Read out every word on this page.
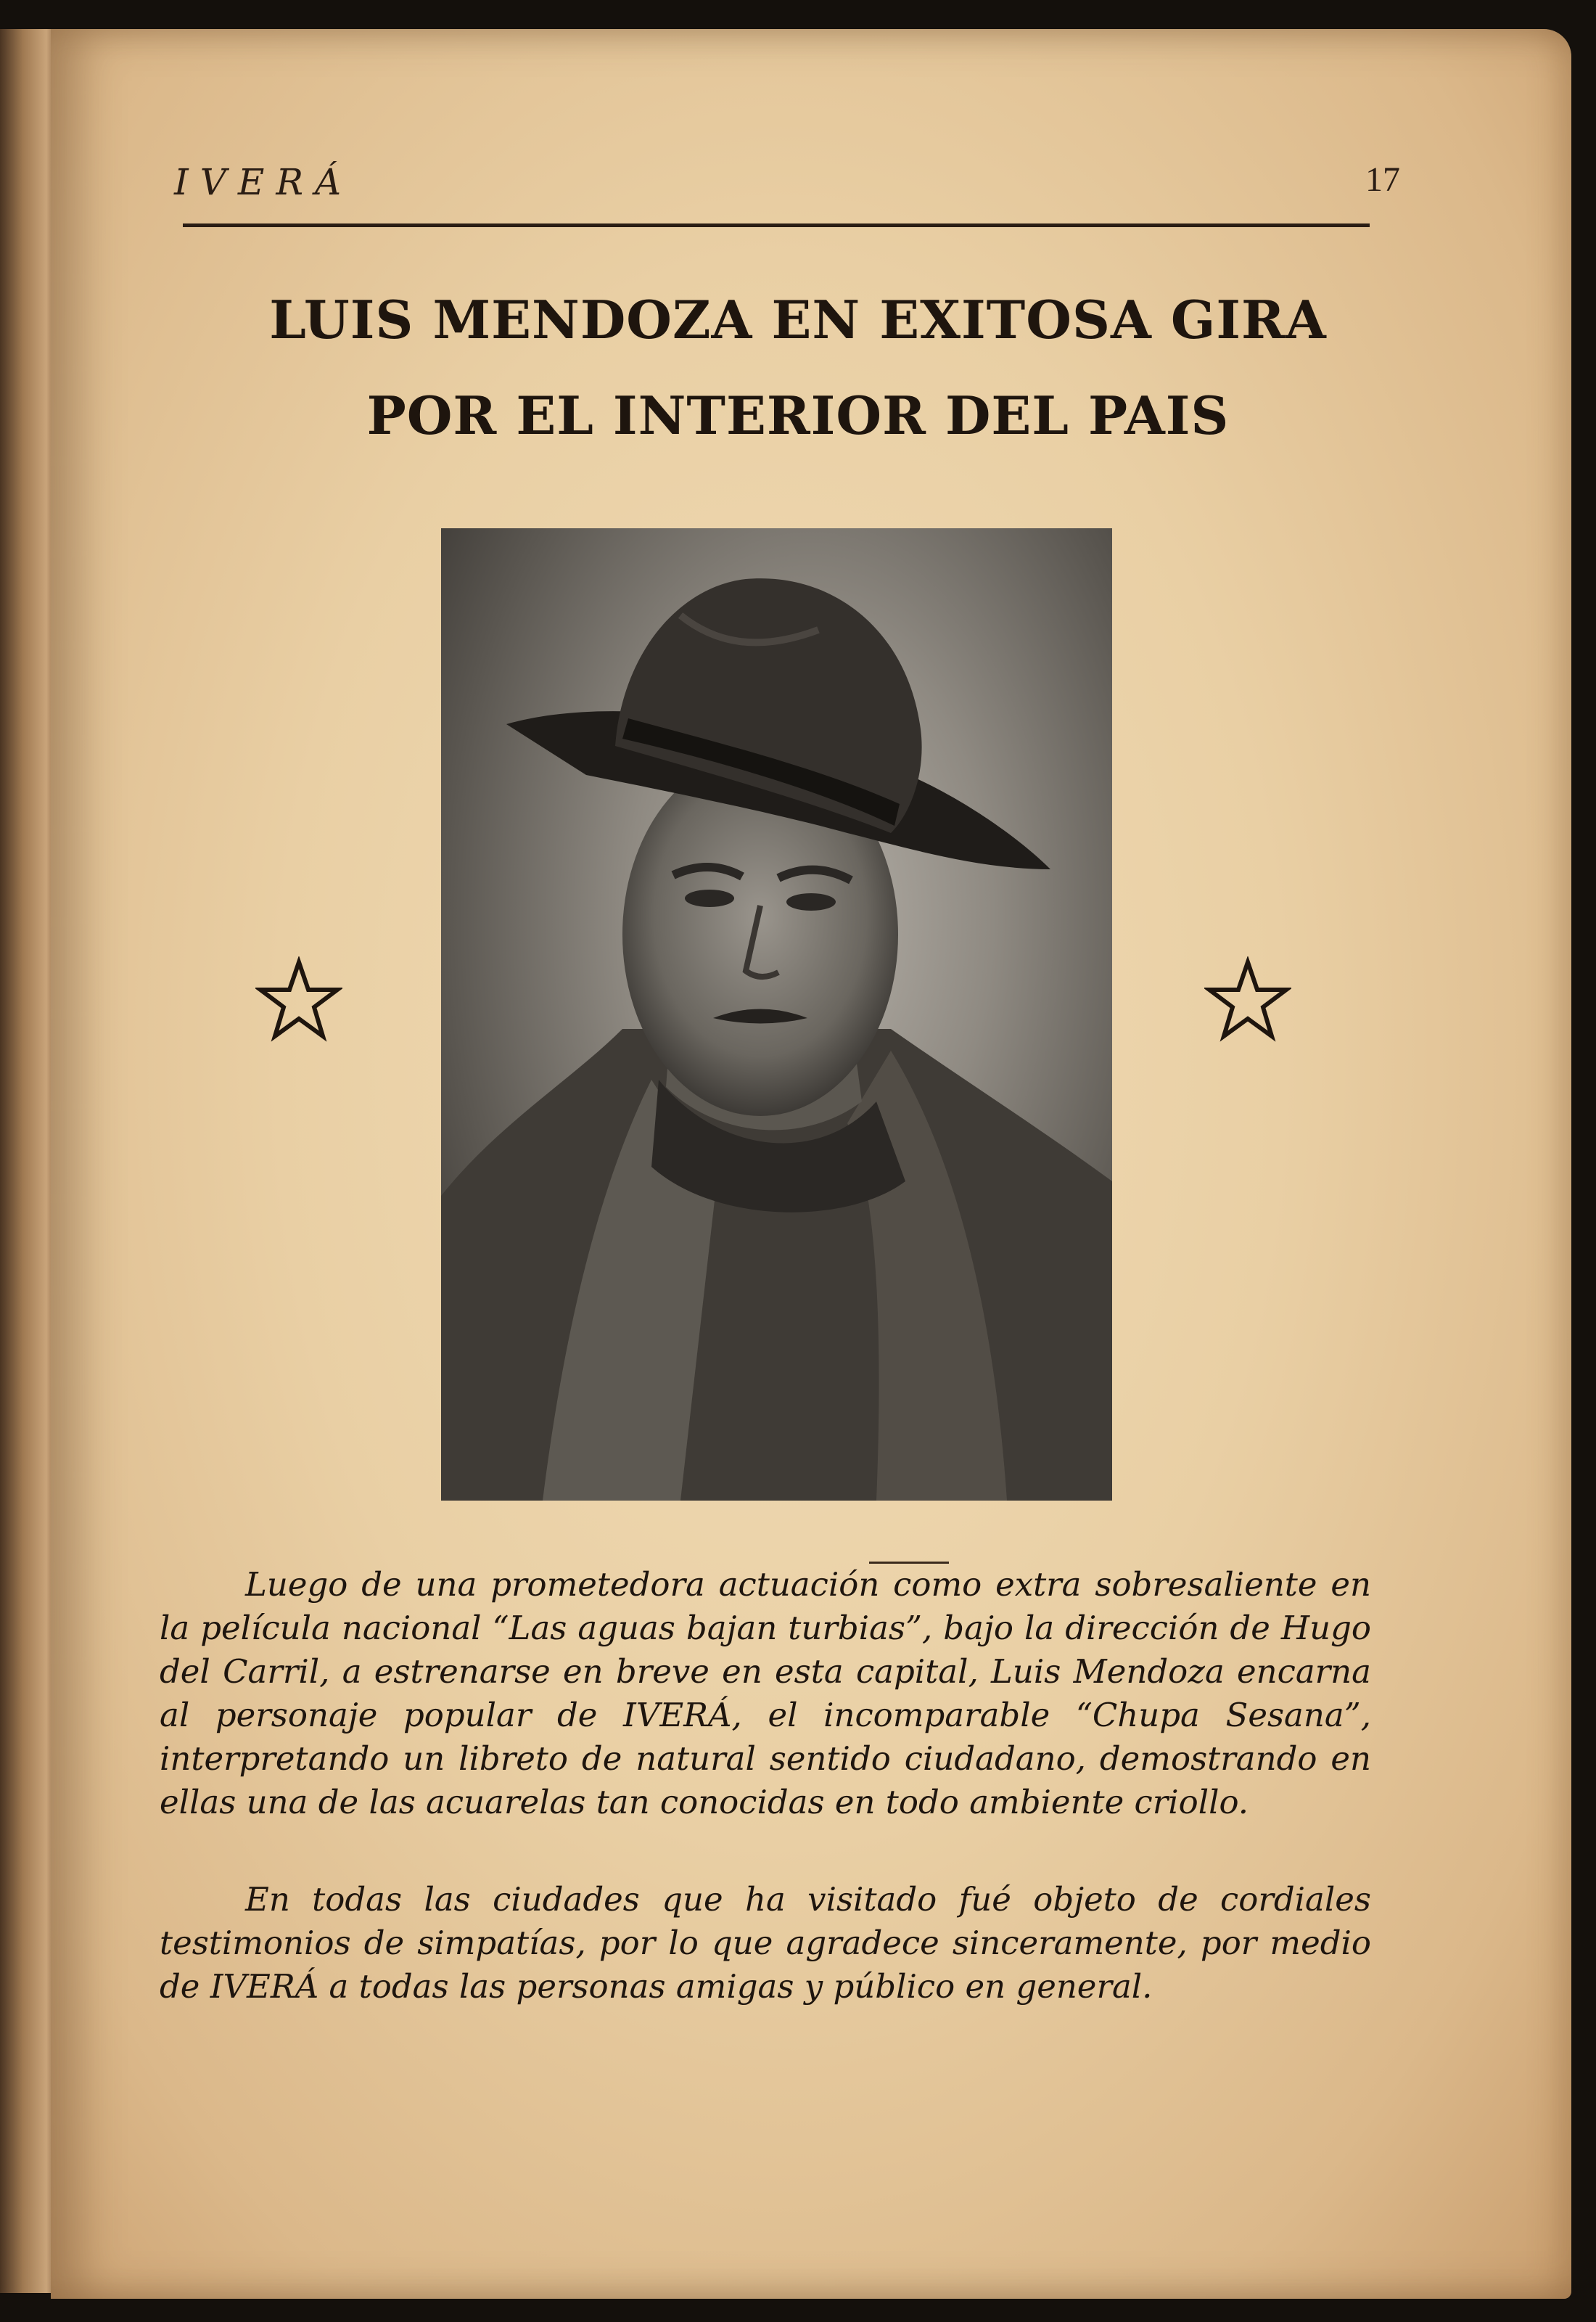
IVERÁ	17
LUIS MENDOZA EN EXITOSA GIRA
POR EL INTERIOR DEL PAIS

Luego de una prometedora actuación como extra sobresaliente en la película nacional “Las aguas bajan turbias”, bajo la dirección de Hugo del Carril, a estrenarse en breve en esta capital, Luis Mendoza encarna al personaje popular de IVERÁ, el incomparable “Chupa Sesana”, interpretando un libreto de natural sentido ciudadano, demostrando en ellas una de las acuarelas tan conocidas en todo ambiente criollo.

En todas las ciudades que ha visitado fué objeto de cordiales testimonios de simpatías, por lo que agradece sinceramente, por medio de IVERÁ a todas las personas amigas y público en general.
